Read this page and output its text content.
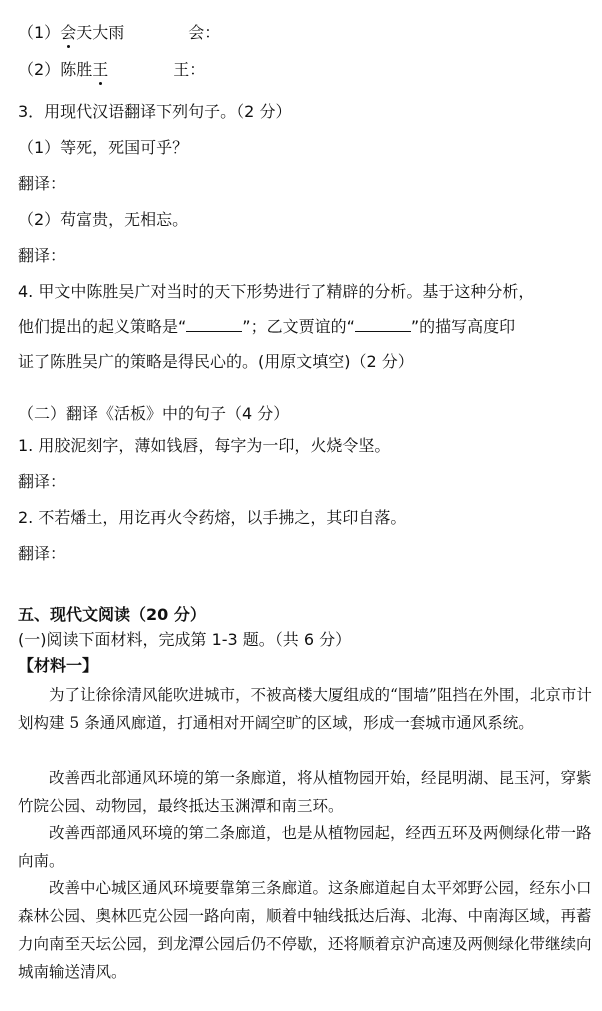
（1）会天大雨	会：
（2）陈胜王	王：
3．用现代汉语翻译下列句子。（2 分）
（1）等死，死国可乎？
翻译：
（2）苟富贵，无相忘。
翻译：
4. 甲文中陈胜吴广对当时的天下形势进行了精辟的分析。基于这种分析，
他们提出的起义策略是“	”；乙文贾谊的“	”的描写高度印
证了陈胜吴广的策略是得民心的。(用原文填空)（2 分）
（二）翻译《活板》中的句子（4 分）
1. 用胶泥刻字，薄如钱唇，每字为一印，火烧令坚。
翻译：
2. 不若燔土，用讫再火令药熔，以手拂之，其印自落。
翻译：
五、现代文阅读（20 分）
(一)阅读下面材料，完成第 1-3 题。（共 6 分）
【材料一】
为了让徐徐清风能吹进城市，不被高楼大厦组成的“围墙”阻挡在外围，北京市计划构建 5 条通风廊道，打通相对开阔空旷的区域，形成一套城市通风系统。
改善西北部通风环境的第一条廊道，将从植物园开始，经昆明湖、昆玉河，穿紫竹院公园、动物园，最终抵达玉渊潭和南三环。
改善西部通风环境的第二条廊道，也是从植物园起，经西五环及两侧绿化带一路向南。
改善中心城区通风环境要靠第三条廊道。这条廊道起自太平郊野公园，经东小口森林公园、奥林匹克公园一路向南，顺着中轴线抵达后海、北海、中南海区域，再蓄力向南至天坛公园，到龙潭公园后仍不停歇，还将顺着京沪高速及两侧绿化带继续向城南输送清风。
